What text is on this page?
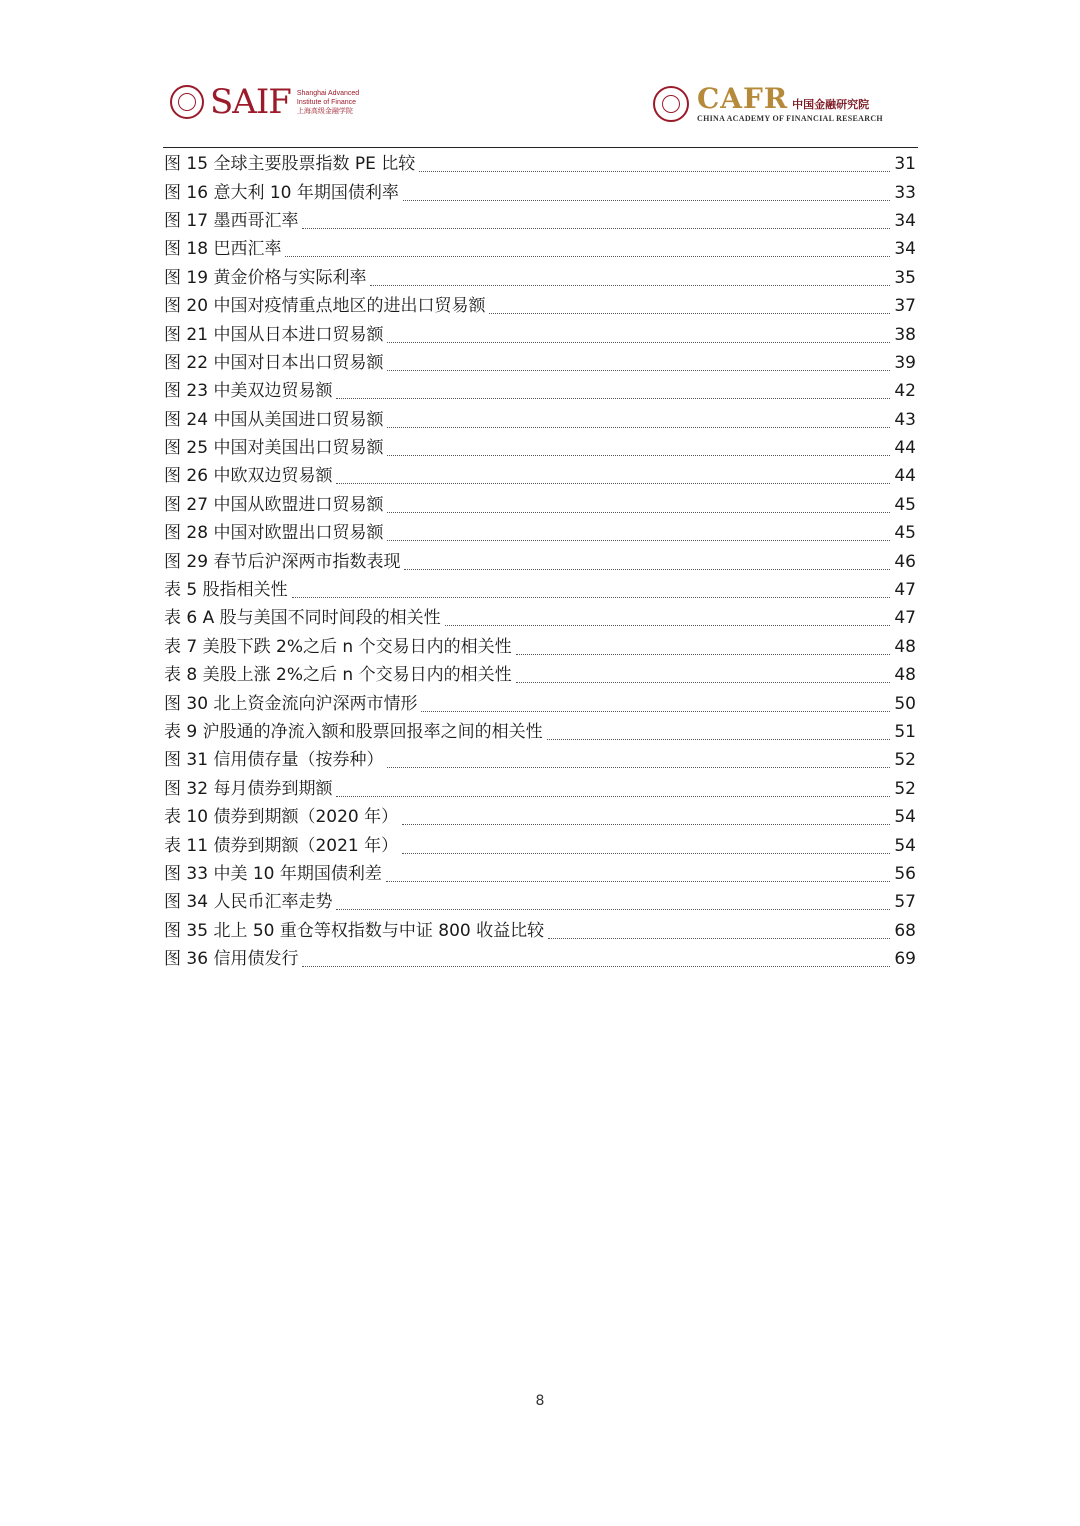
SAIF Shanghai Advanced
Institute of Finance
上海高级金融学院	CAFR 中国金融研究院
CHINA ACADEMY OF FINANCIAL RESEARCH
图 15 全球主要股票指数 PE 比较	31
图 16 意大利 10 年期国债利率	33
图 17 墨西哥汇率	34
图 18 巴西汇率	34
图 19 黄金价格与实际利率	35
图 20 中国对疫情重点地区的进出口贸易额	37
图 21 中国从日本进口贸易额	38
图 22 中国对日本出口贸易额	39
图 23 中美双边贸易额	42
图 24 中国从美国进口贸易额	43
图 25 中国对美国出口贸易额	44
图 26 中欧双边贸易额	44
图 27 中国从欧盟进口贸易额	45
图 28 中国对欧盟出口贸易额	45
图 29 春节后沪深两市指数表现	46
表 5 股指相关性	47
表 6 A 股与美国不同时间段的相关性	47
表 7 美股下跌 2%之后 n 个交易日内的相关性	48
表 8 美股上涨 2%之后 n 个交易日内的相关性	48
图 30 北上资金流向沪深两市情形	50
表 9 沪股通的净流入额和股票回报率之间的相关性	51
图 31 信用债存量（按券种）	52
图 32 每月债券到期额	52
表 10 债券到期额（2020 年）	54
表 11 债券到期额（2021 年）	54
图 33 中美 10 年期国债利差	56
图 34 人民币汇率走势	57
图 35 北上 50 重仓等权指数与中证 800 收益比较	68
图 36 信用债发行	69
8
